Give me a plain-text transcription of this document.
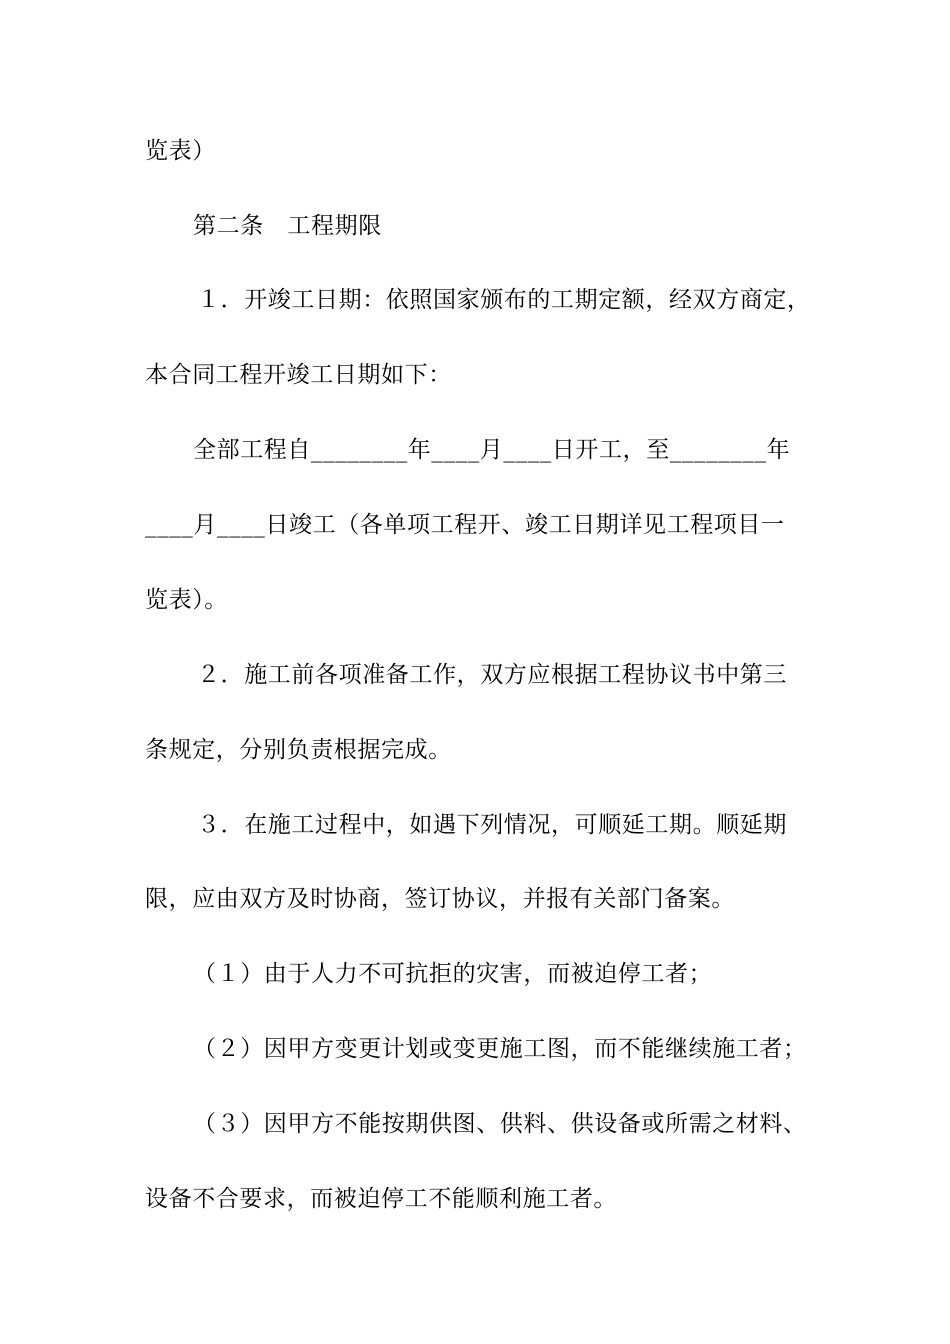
览表）
第二条　工程期限
１．开竣工日期：依照国家颁布的工期定额，经双方商定，
本合同工程开竣工日期如下：
全部工程自________年____月____日开工，至________年
____月____日竣工（各单项工程开、竣工日期详见工程项目一
览表）。
２．施工前各项准备工作，双方应根据工程协议书中第三
条规定，分别负责根据完成。
３．在施工过程中，如遇下列情况，可顺延工期。顺延期
限，应由双方及时协商，签订协议，并报有关部门备案。
（１）由于人力不可抗拒的灾害，而被迫停工者；
（２）因甲方变更计划或变更施工图，而不能继续施工者；
（３）因甲方不能按期供图、供料、供设备或所需之材料、
设备不合要求，而被迫停工不能顺利施工者。
